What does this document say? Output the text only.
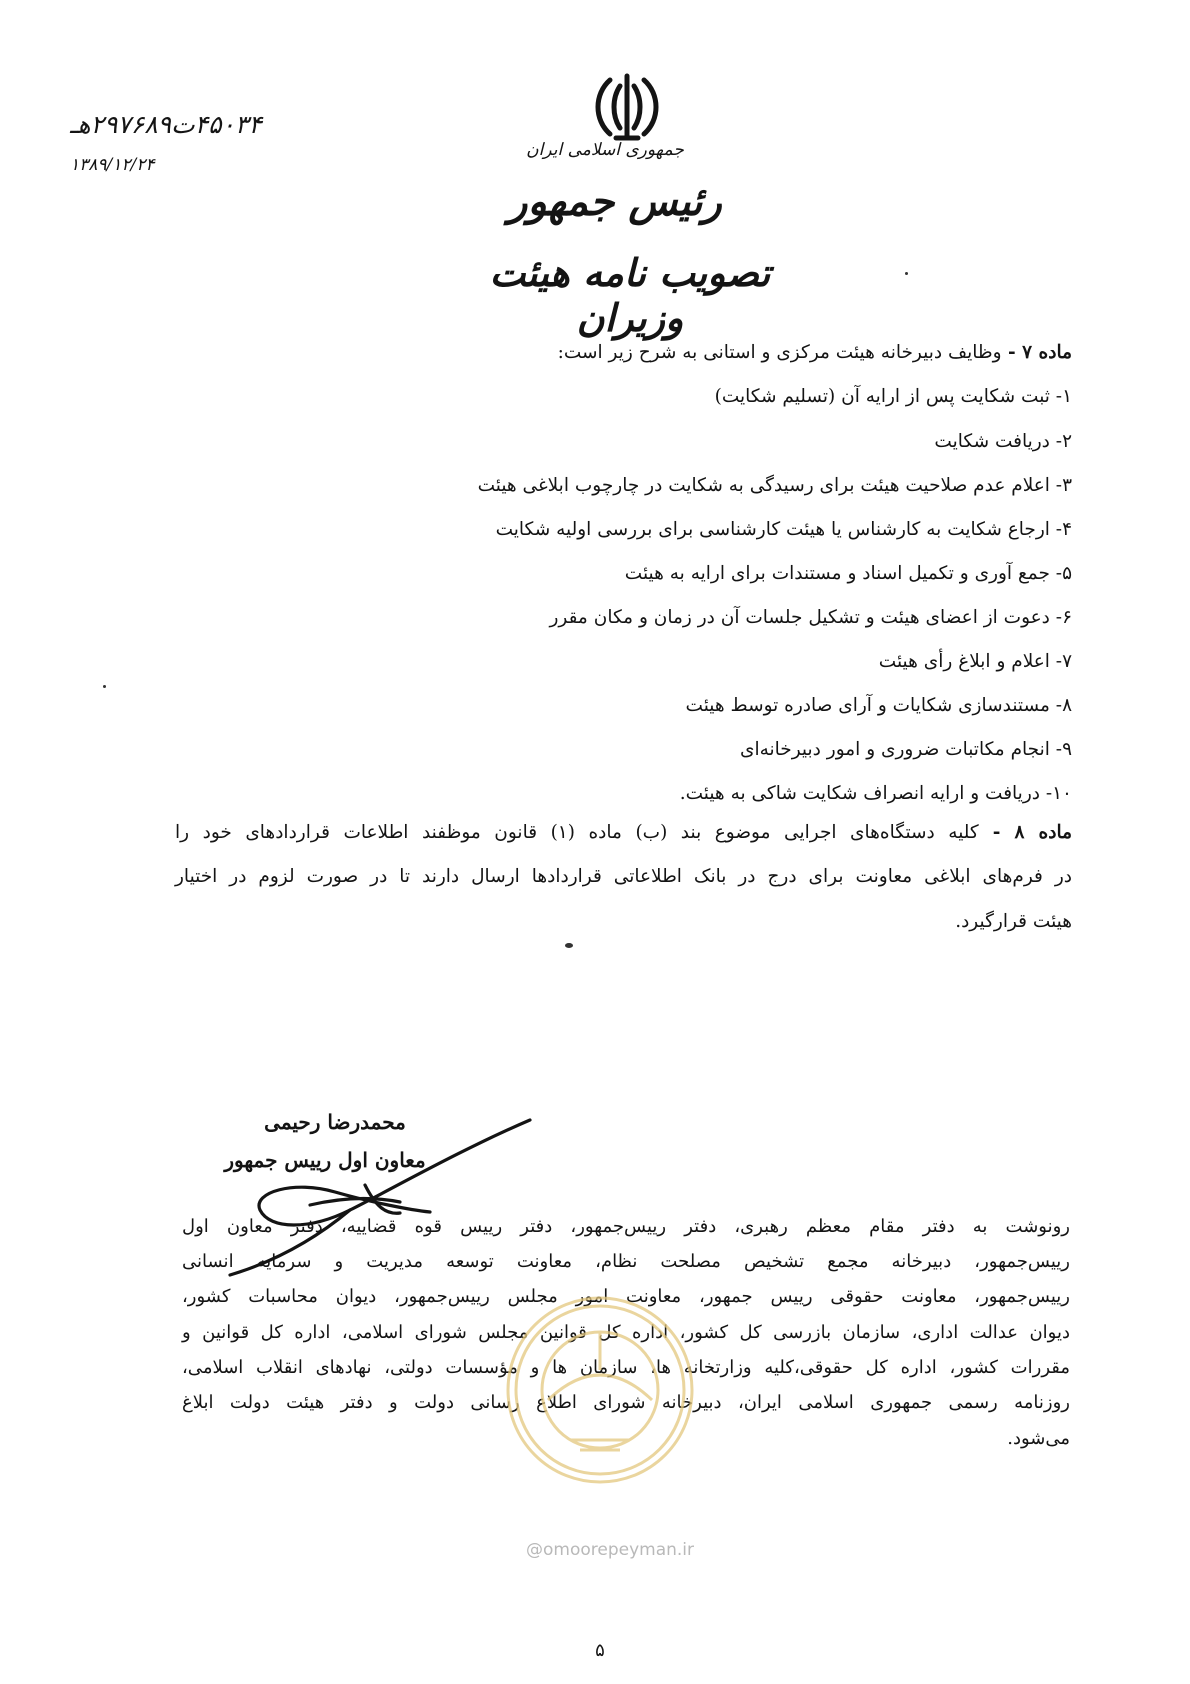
جمهوری اسلامی ایران
رئیس جمهور
تصویب نامه هیئت وزیران
۴۵۰۳۴ت۲۹۷۶۸۹هـ
۱۳۸۹/۱۲/۲۴
ماده ۷ - وظایف دبیرخانه هیئت مرکزی و استانی به شرح زیر است:
۱- ثبت شکایت پس از ارایه آن (تسلیم شکایت)
۲- دریافت شکایت
۳- اعلام عدم صلاحیت هیئت برای رسیدگی به شکایت در چارچوب ابلاغی هیئت
۴- ارجاع شکایت به کارشناس یا هیئت کارشناسی برای بررسی اولیه شکایت
۵- جمع آوری و تکمیل اسناد و مستندات برای ارایه به هیئت
۶- دعوت از اعضای هیئت و تشکیل جلسات آن در زمان و مکان مقرر
۷- اعلام و ابلاغ رأی هیئت
۸- مستندسازی شکایات و آرای صادره توسط هیئت
۹- انجام مکاتبات ضروری و امور دبیرخانه‌ای
۱۰- دریافت و ارایه انصراف شکایت شاکی به هیئت.
ماده ۸ - کلیه دستگاه‌های اجرایی موضوع بند (ب) ماده (۱) قانون موظفند اطلاعات قراردادهای خود را
در فرم‌های ابلاغی معاونت برای درج در بانک اطلاعاتی قراردادها ارسال دارند تا در صورت لزوم در اختیار
هیئت قرارگیرد.
محمدرضا رحیمی
معاون اول رییس جمهور
رونوشت به دفتر مقام معظم رهبری، دفتر رییس‌جمهور، دفتر رییس قوه قضاییه، دفتر معاون اول
رییس‌جمهور، دبیرخانه مجمع تشخیص مصلحت نظام، معاونت توسعه مدیریت و سرمایه انسانی
رییس‌جمهور، معاونت حقوقی رییس جمهور، معاونت امور مجلس رییس‌جمهور، دیوان محاسبات کشور،
دیوان عدالت اداری، سازمان بازرسی کل کشور، اداره کل قوانین مجلس شورای اسلامی، اداره کل قوانین و
مقررات کشور، اداره کل حقوقی،کلیه وزارتخانه ها، سازمان ها و مؤسسات دولتی، نهادهای انقلاب اسلامی،
روزنامه رسمی جمهوری اسلامی ایران، دبیرخانه شورای اطلاع رسانی دولت و دفتر هیئت دولت ابلاغ
می‌شود.
@omoorepeyman.ir
۵
